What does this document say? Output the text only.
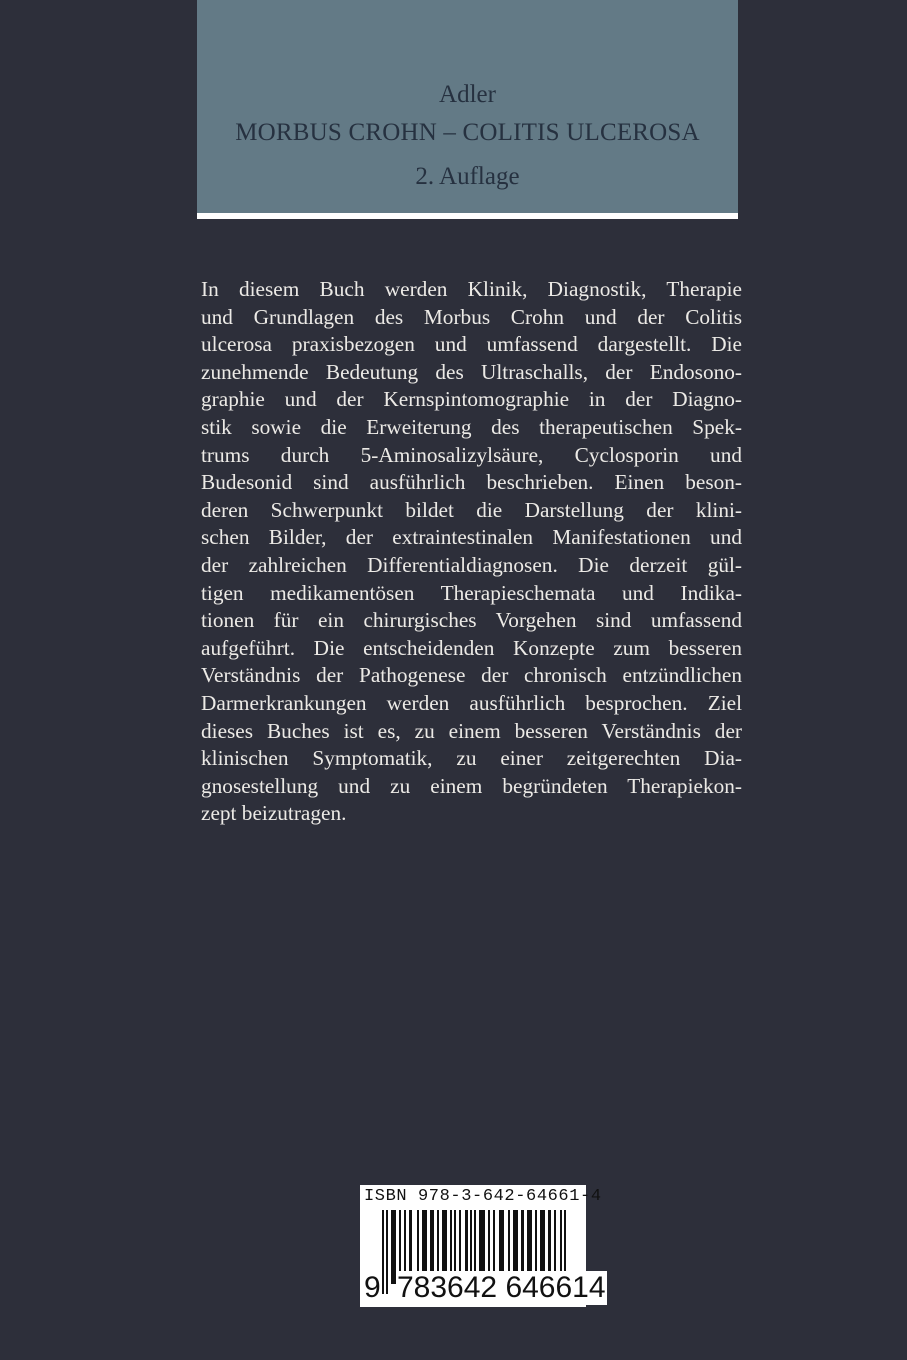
Adler
MORBUS CROHN – COLITIS ULCEROSA
2. Auflage
In diesem Buch werden Klinik, Diagnostik, Therapie
und Grundlagen des Morbus Crohn und der Colitis
ulcerosa praxisbezogen und umfassend dargestellt. Die
zunehmende Bedeutung des Ultraschalls, der Endosono-
graphie und der Kernspintomographie in der Diagno-
stik sowie die Erweiterung des therapeutischen Spek-
trums durch 5-Aminosalizylsäure, Cyclosporin und
Budesonid sind ausführlich beschrieben. Einen beson-
deren Schwerpunkt bildet die Darstellung der klini-
schen Bilder, der extraintestinalen Manifestationen und
der zahlreichen Differentialdiagnosen. Die derzeit gül-
tigen medikamentösen Therapieschemata und Indika-
tionen für ein chirurgisches Vorgehen sind umfassend
aufgeführt. Die entscheidenden Konzepte zum besseren
Verständnis der Pathogenese der chronisch entzündlichen
Darmerkrankungen werden ausführlich besprochen. Ziel
dieses Buches ist es, zu einem besseren Verständnis der
klinischen Symptomatik, zu einer zeitgerechten Dia-
gnosestellung und zu einem begründeten Therapiekon-
zept beizutragen.
ISBN 978-3-642-64661-4
9 783642 646614
